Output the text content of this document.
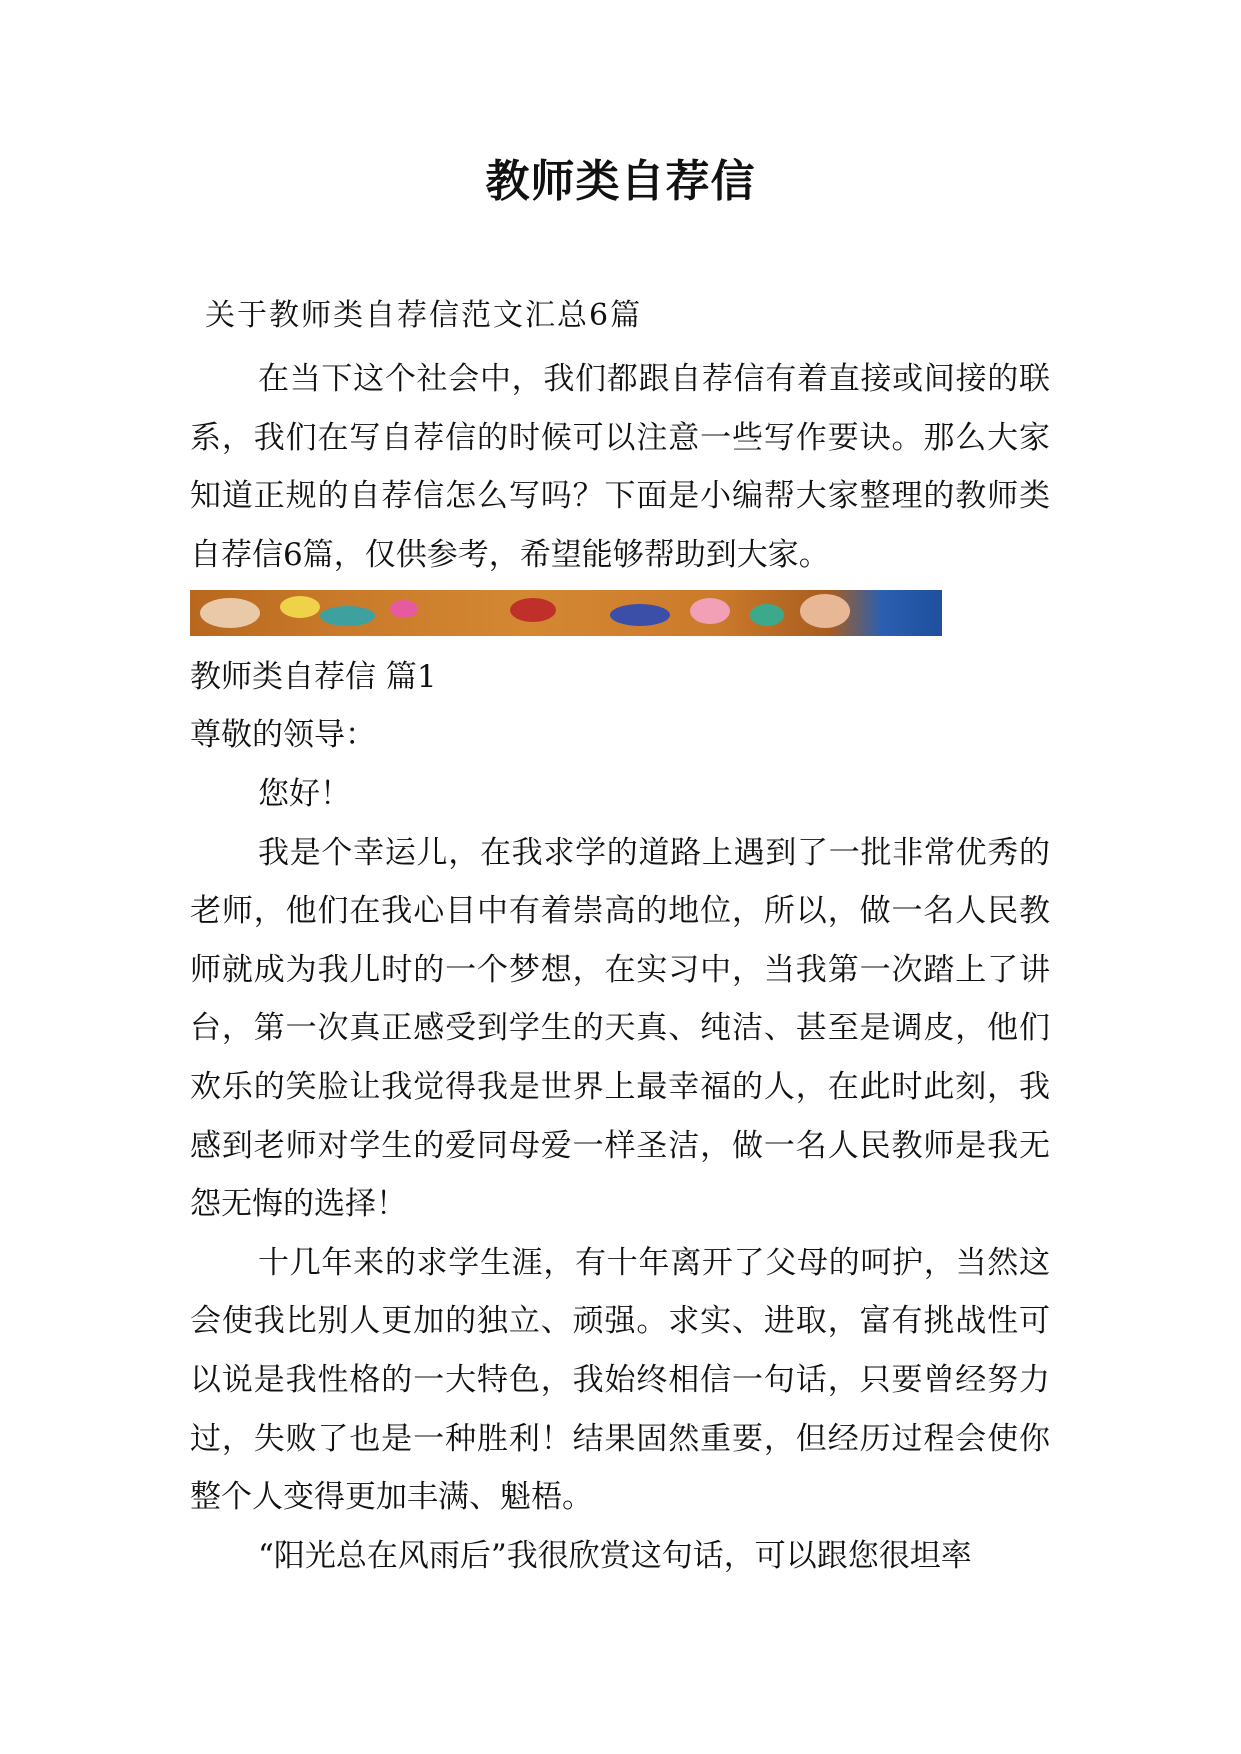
教师类自荐信
关于教师类自荐信范文汇总6篇

在当下这个社会中，我们都跟自荐信有着直接或间接的联系，我们在写自荐信的时候可以注意一些写作要诀。那么大家知道正规的自荐信怎么写吗？下面是小编帮大家整理的教师类自荐信6篇，仅供参考，希望能够帮助到大家。

教师类自荐信 篇1

尊敬的领导：

您好！

我是个幸运儿，在我求学的道路上遇到了一批非常优秀的老师，他们在我心目中有着崇高的地位，所以，做一名人民教师就成为我儿时的一个梦想，在实习中，当我第一次踏上了讲台，第一次真正感受到学生的天真、纯洁、甚至是调皮，他们欢乐的笑脸让我觉得我是世界上最幸福的人，在此时此刻，我感到老师对学生的爱同母爱一样圣洁，做一名人民教师是我无怨无悔的选择！

十几年来的求学生涯，有十年离开了父母的呵护，当然这会使我比别人更加的独立、顽强。求实、进取，富有挑战性可以说是我性格的一大特色，我始终相信一句话，只要曾经努力过，失败了也是一种胜利！结果固然重要，但经历过程会使你整个人变得更加丰满、魁梧。

“阳光总在风雨后”我很欣赏这句话，可以跟您很坦率
